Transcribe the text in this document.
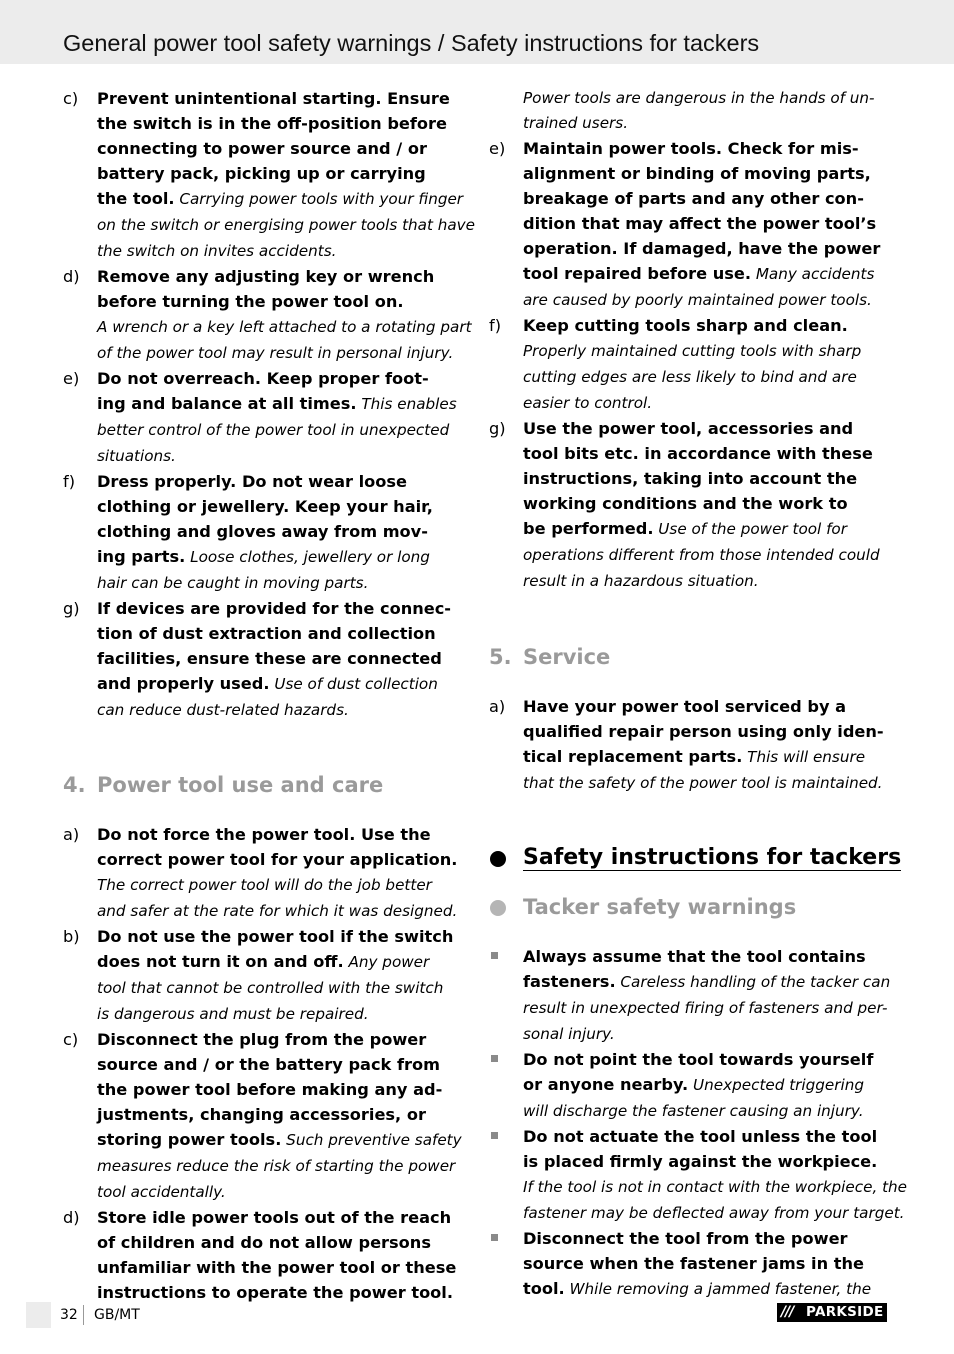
General power tool safety warnings / Safety instructions for tackers
c) Prevent unintentional starting. Ensure
the switch is in the off-position before
connecting to power source and / or
battery pack, picking up or carrying
the tool. Carrying power tools with your finger
on the switch or energising power tools that have
the switch on invites accidents.
d) Remove any adjusting key or wrench
before turning the power tool on.
A wrench or a key left attached to a rotating part
of the power tool may result in personal injury.
e) Do not overreach. Keep proper foot-
ing and balance at all times. This enables
better control of the power tool in unexpected
situations.
f) Dress properly. Do not wear loose
clothing or jewellery. Keep your hair,
clothing and gloves away from mov-
ing parts. Loose clothes, jewellery or long
hair can be caught in moving parts.
g) If devices are provided for the connec-
tion of dust extraction and collection
facilities, ensure these are connected
and properly used. Use of dust collection
can reduce dust-related hazards.
4. Power tool use and care
a) Do not force the power tool. Use the
correct power tool for your application.
The correct power tool will do the job better
and safer at the rate for which it was designed.
b) Do not use the power tool if the switch
does not turn it on and off. Any power
tool that cannot be controlled with the switch
is dangerous and must be repaired.
c) Disconnect the plug from the power
source and / or the battery pack from
the power tool before making any ad-
justments, changing accessories, or
storing power tools. Such preventive safety
measures reduce the risk of starting the power
tool accidentally.
d) Store idle power tools out of the reach
of children and do not allow persons
unfamiliar with the power tool or these
instructions to operate the power tool.
Power tools are dangerous in the hands of un-
trained users.
e) Maintain power tools. Check for mis-
alignment or binding of moving parts,
breakage of parts and any other con-
dition that may affect the power tool’s
operation. If damaged, have the power
tool repaired before use. Many accidents
are caused by poorly maintained power tools.
f) Keep cutting tools sharp and clean.
Properly maintained cutting tools with sharp
cutting edges are less likely to bind and are
easier to control.
g) Use the power tool, accessories and
tool bits etc. in accordance with these
instructions, taking into account the
working conditions and the work to
be performed. Use of the power tool for
operations different from those intended could
result in a hazardous situation.
5. Service
a) Have your power tool serviced by a
qualified repair person using only iden-
tical replacement parts. This will ensure
that the safety of the power tool is maintained.
Safety instructions for tackers
Tacker safety warnings
Always assume that the tool contains
fasteners. Careless handling of the tacker can
result in unexpected firing of fasteners and per-
sonal injury.
Do not point the tool towards yourself
or anyone nearby. Unexpected triggering
will discharge the fastener causing an injury.
Do not actuate the tool unless the tool
is placed firmly against the workpiece.
If the tool is not in contact with the workpiece, the
fastener may be deflected away from your target.
Disconnect the tool from the power
source when the fastener jams in the
tool. While removing a jammed fastener, the
32 GB/MT	/// PARKSIDE
